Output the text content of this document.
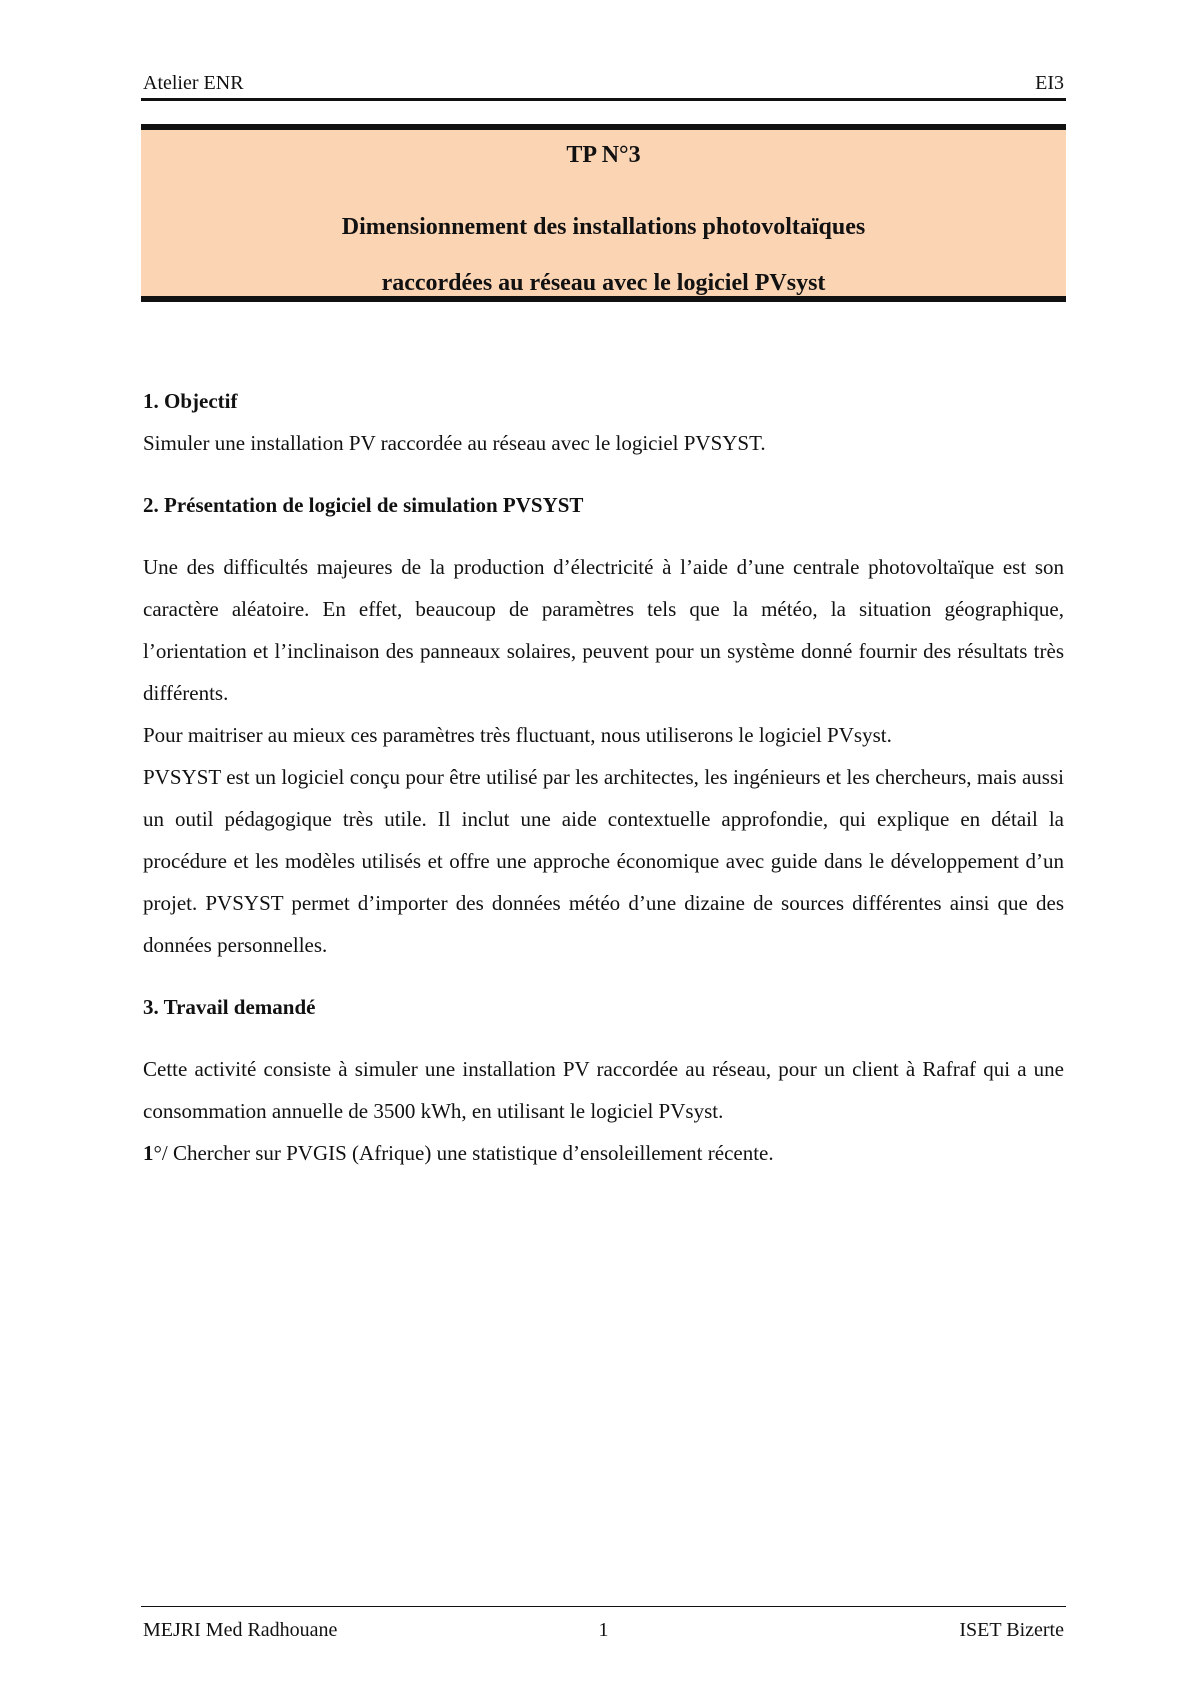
Atelier ENR	EI3
TP N°3
Dimensionnement des installations photovoltaïques
raccordées au réseau avec le logiciel PVsyst
1. Objectif

Simuler une installation PV raccordée au réseau avec le logiciel PVSYST.

2. Présentation de logiciel de simulation PVSYST

Une des difficultés majeures de la production d’électricité à l’aide d’une centrale photovoltaïque est son caractère aléatoire. En effet, beaucoup de paramètres tels que la météo, la situation géographique, l’orientation et l’inclinaison des panneaux solaires, peuvent pour un système donné fournir des résultats très différents.

Pour maitriser au mieux ces paramètres très fluctuant, nous utiliserons le logiciel PVsyst.

PVSYST est un logiciel conçu pour être utilisé par les architectes, les ingénieurs et les chercheurs, mais aussi un outil pédagogique très utile. Il inclut une aide contextuelle approfondie, qui explique en détail la procédure et les modèles utilisés et offre une approche économique avec guide dans le développement d’un projet. PVSYST permet d’importer des données météo d’une dizaine de sources différentes ainsi que des données personnelles.

3. Travail demandé

Cette activité consiste à simuler une installation PV raccordée au réseau, pour un client à Rafraf qui a une consommation annuelle de 3500 kWh, en utilisant le logiciel PVsyst.

1°/ Chercher sur PVGIS (Afrique) une statistique d’ensoleillement récente.

MEJRI Med Radhouane	1	ISET Bizerte
